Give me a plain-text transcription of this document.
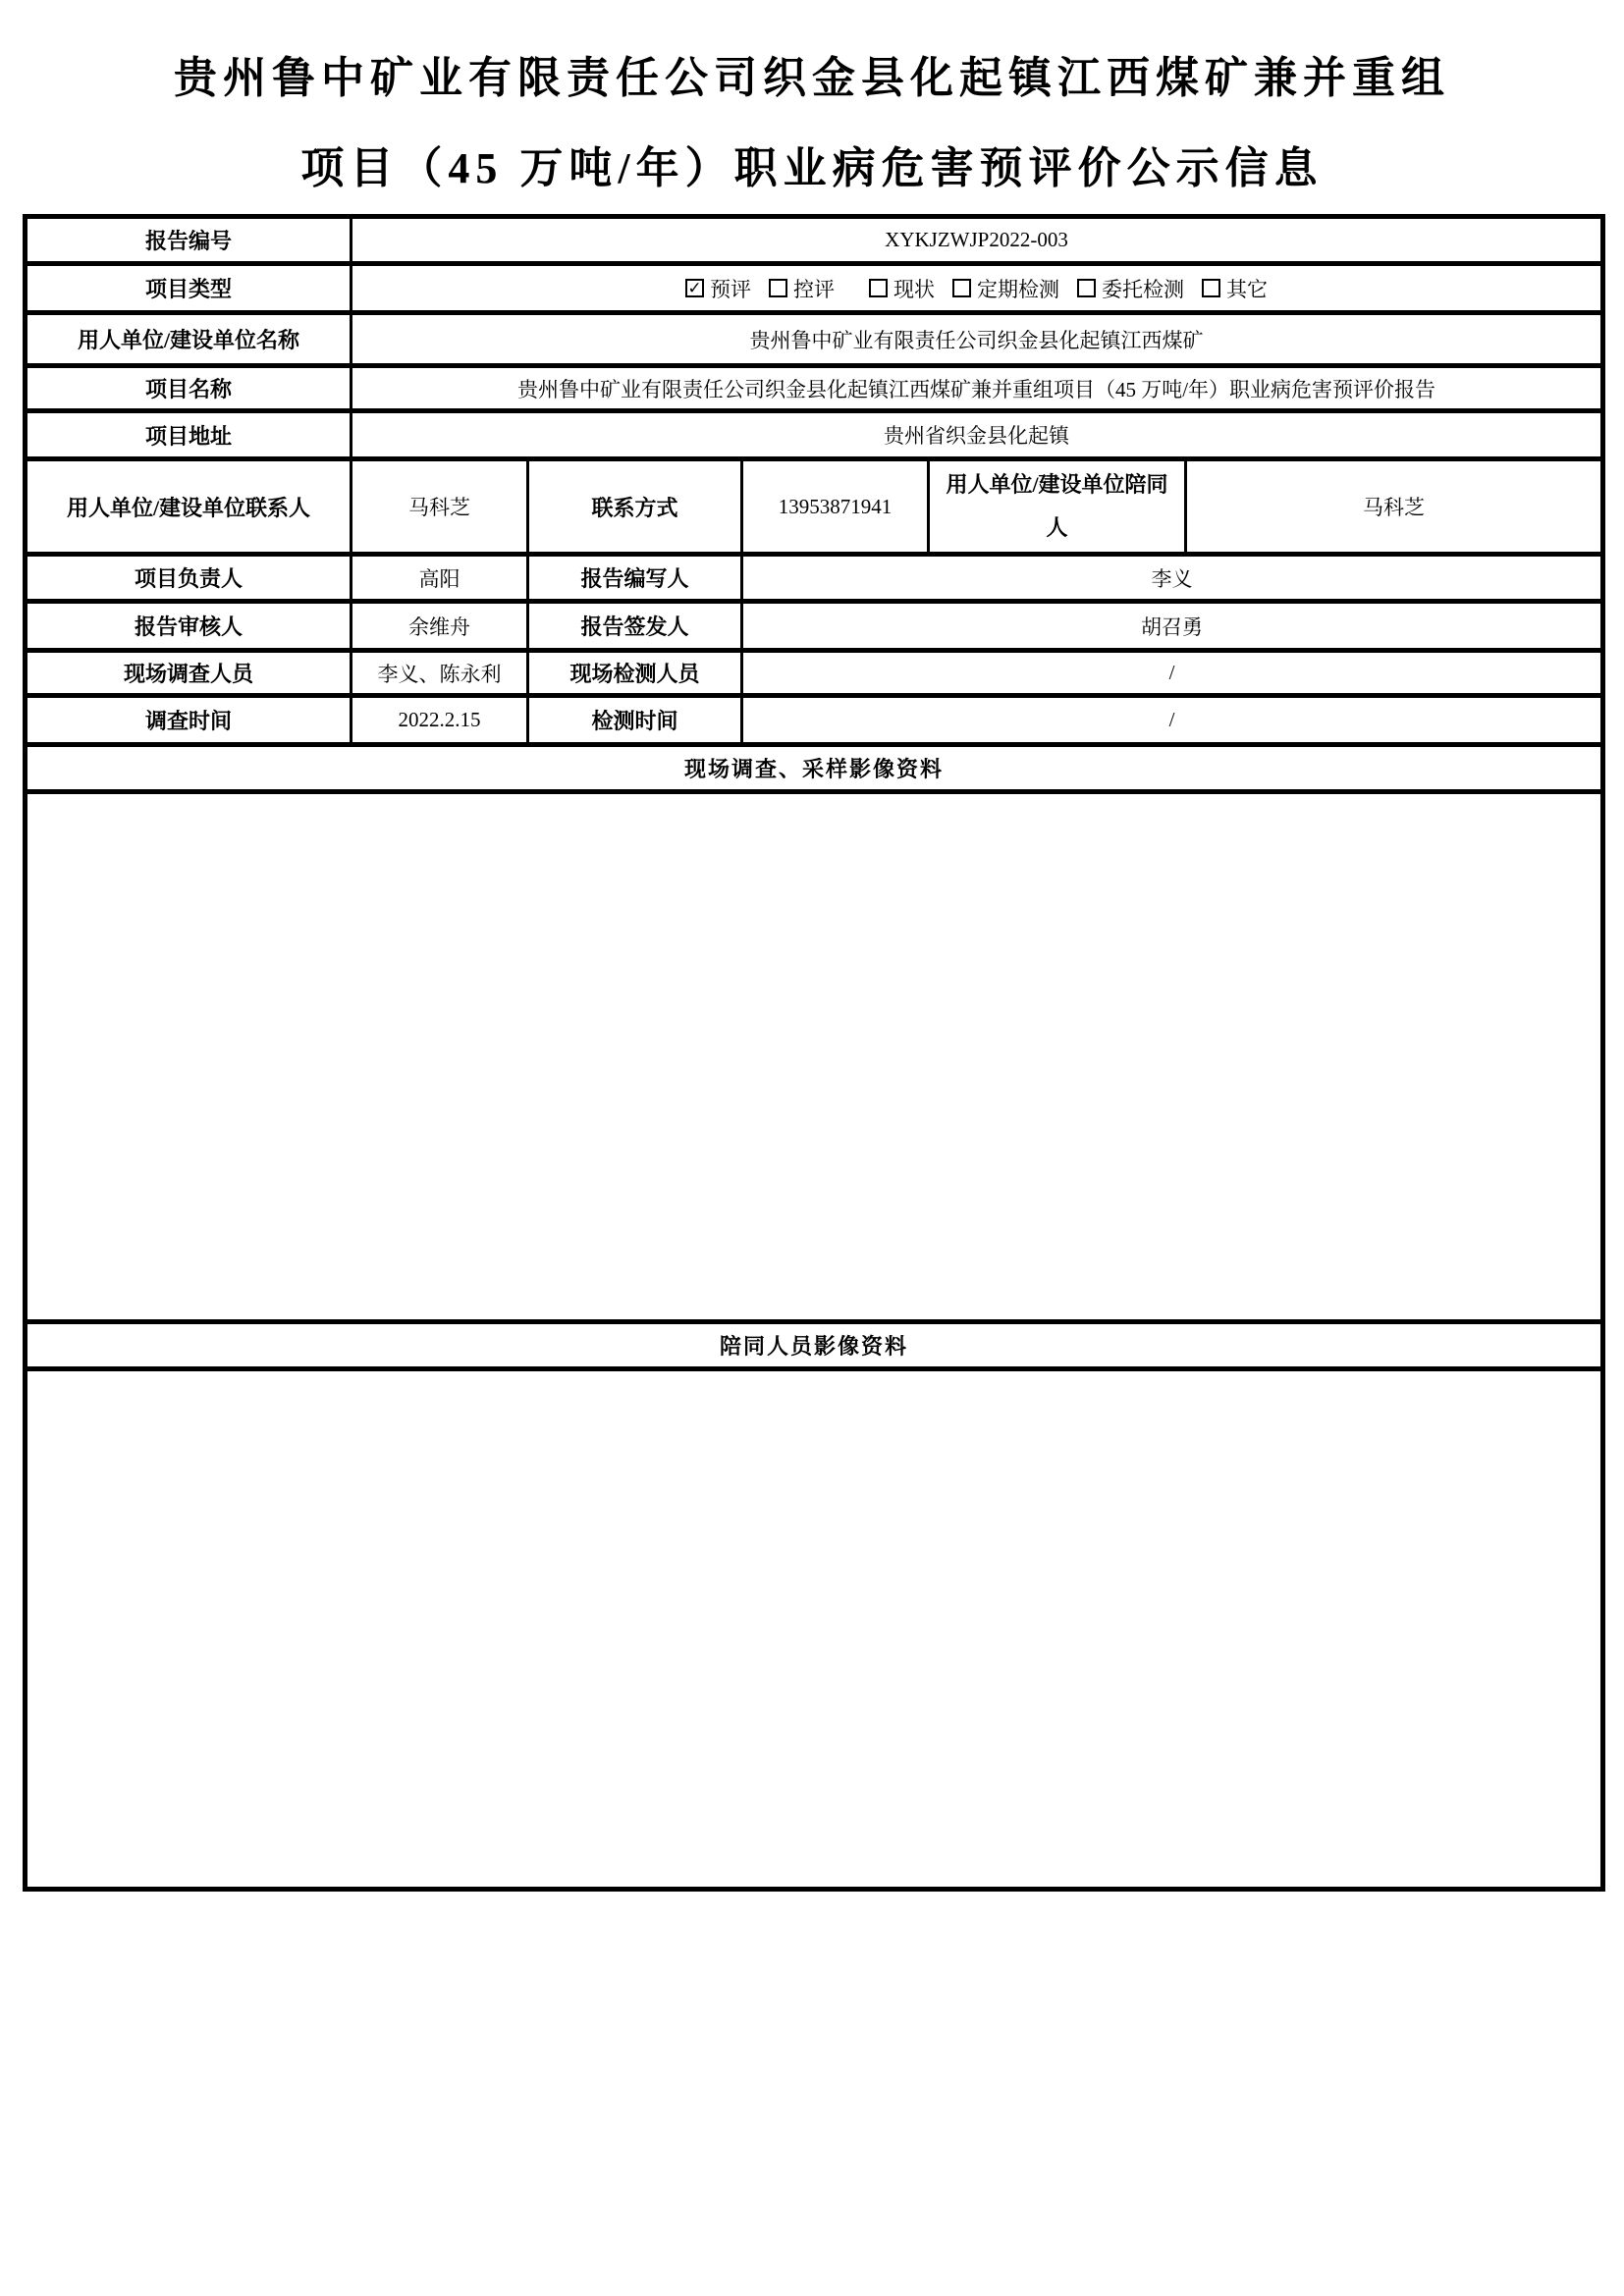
贵州鲁中矿业有限责任公司织金县化起镇江西煤矿兼并重组
项目（45 万吨/年）职业病危害预评价公示信息
报告编号	XYKJZWJP2022-003				
项目类型	✓ 预评 控评	现状 定期检测 委托检测 其它

用人单位/建设单位名称	贵州鲁中矿业有限责任公司织金县化起镇江西煤矿				
项目名称	贵州鲁中矿业有限责任公司织金县化起镇江西煤矿兼并重组项目（45 万吨/年）职业病危害预评价报告				
项目地址	贵州省织金县化起镇				
用人单位/建设单位联系人	马科芝	联系方式	13953871941	用人单位/建设单位陪同人	马科芝
项目负责人	高阳	报告编写人	李义		
报告审核人	余维舟	报告签发人	胡召勇		
现场调查人员	李义、陈永利	现场检测人员	/		
调查时间	2022.2.15	检测时间	/		
现场调查、采样影像资料					

陪同人员影像资料					
